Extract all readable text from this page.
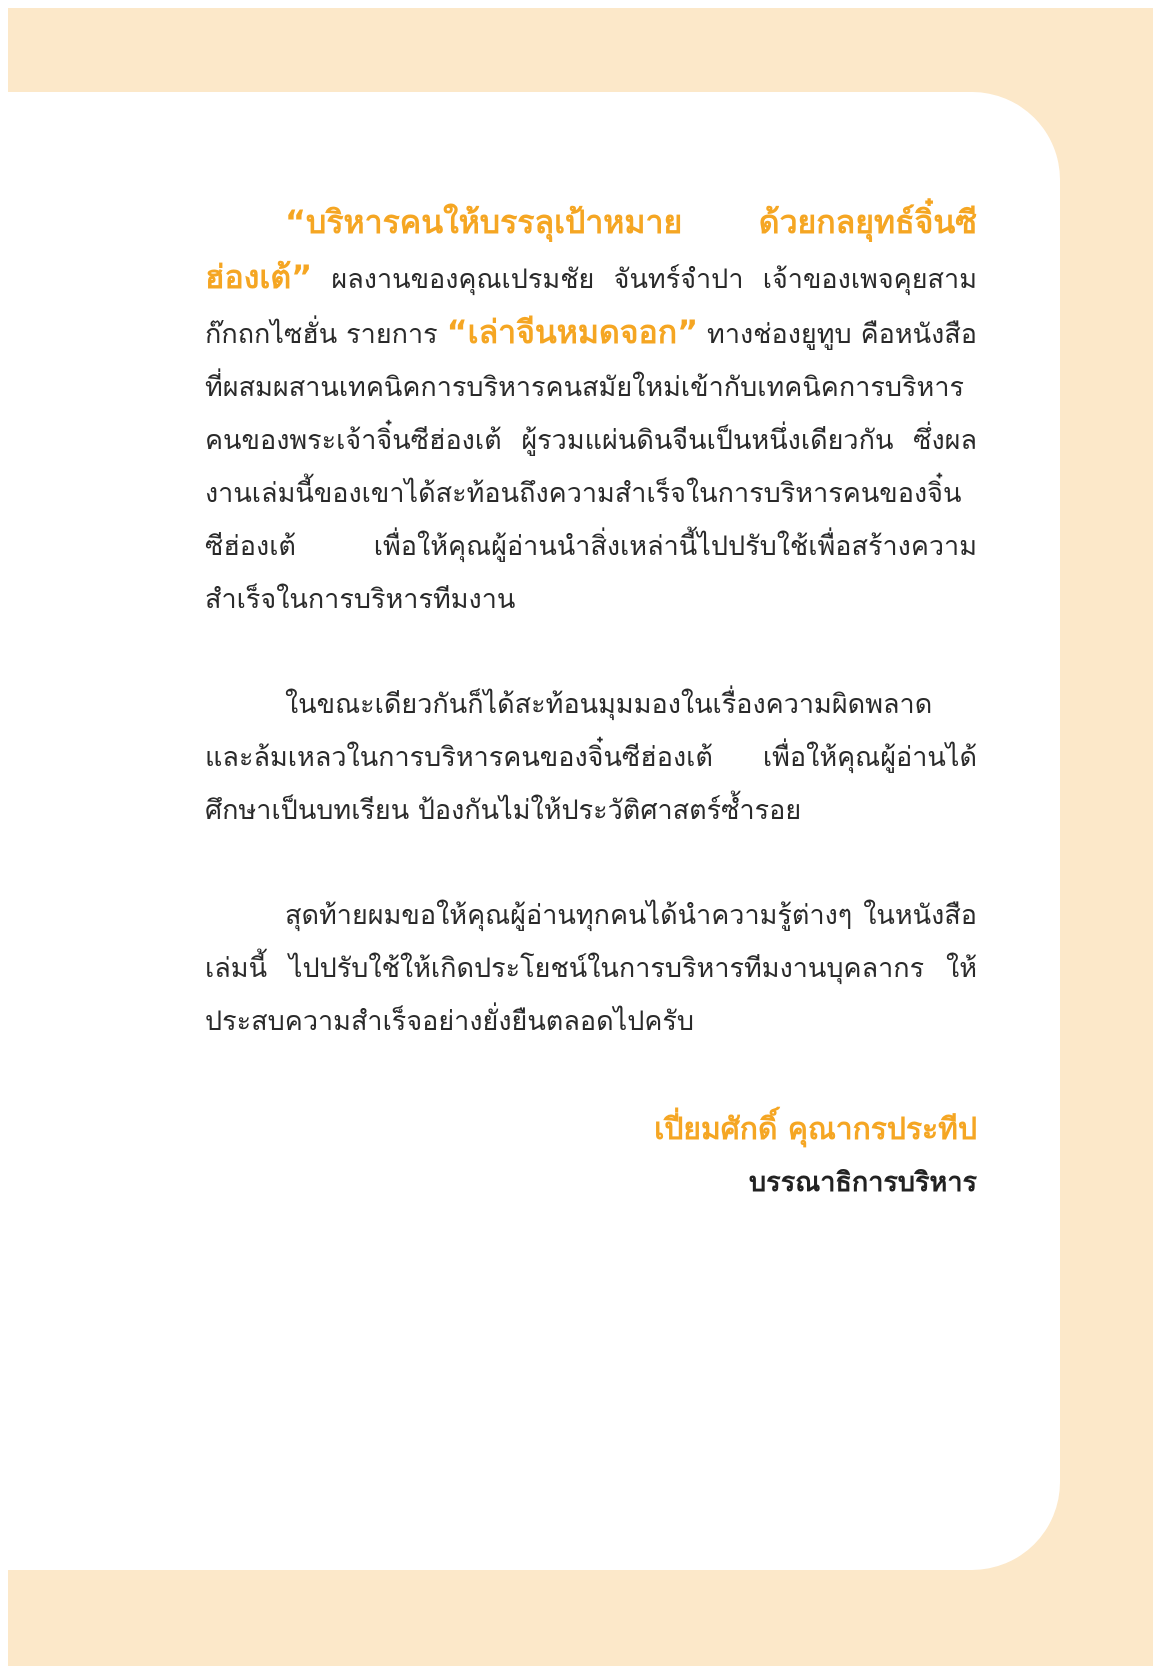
“บริหารคนให้บรรลุเป้าหมาย ด้วยกลยุทธ์จิ๋นซีฮ่องเต้” ผลงานของคุณเปรมชัย จันทร์จำปา เจ้าของเพจคุยสามก๊กถกไซฮั่น รายการ “เล่าจีนหมดจอก” ทางช่องยูทูบ คือหนังสือที่ผสมผสานเทคนิคการบริหารคนสมัยใหม่เข้ากับเทคนิคการบริหารคนของพระเจ้าจิ๋นซีฮ่องเต้ ผู้รวมแผ่นดินจีนเป็นหนึ่งเดียวกัน ซึ่งผลงานเล่มนี้ของเขาได้สะท้อนถึงความสำเร็จในการบริหารคนของจิ๋นซีฮ่องเต้ เพื่อให้คุณผู้อ่านนำสิ่งเหล่านี้ไปปรับใช้เพื่อสร้างความสำเร็จในการบริหารทีมงาน

ในขณะเดียวกันก็ได้สะท้อนมุมมองในเรื่องความผิดพลาดและล้มเหลวในการบริหารคนของจิ๋นซีฮ่องเต้ เพื่อให้คุณผู้อ่านได้ศึกษาเป็นบทเรียน ป้องกันไม่ให้ประวัติศาสตร์ซ้ำรอย

สุดท้ายผมขอให้คุณผู้อ่านทุกคนได้นำความรู้ต่างๆ ในหนังสือเล่มนี้ ไปปรับใช้ให้เกิดประโยชน์ในการบริหารทีมงานบุคลากร ให้ประสบความสำเร็จอย่างยั่งยืนตลอดไปครับ

เปี่ยมศักดิ์ คุณากรประทีป
บรรณาธิการบริหาร
